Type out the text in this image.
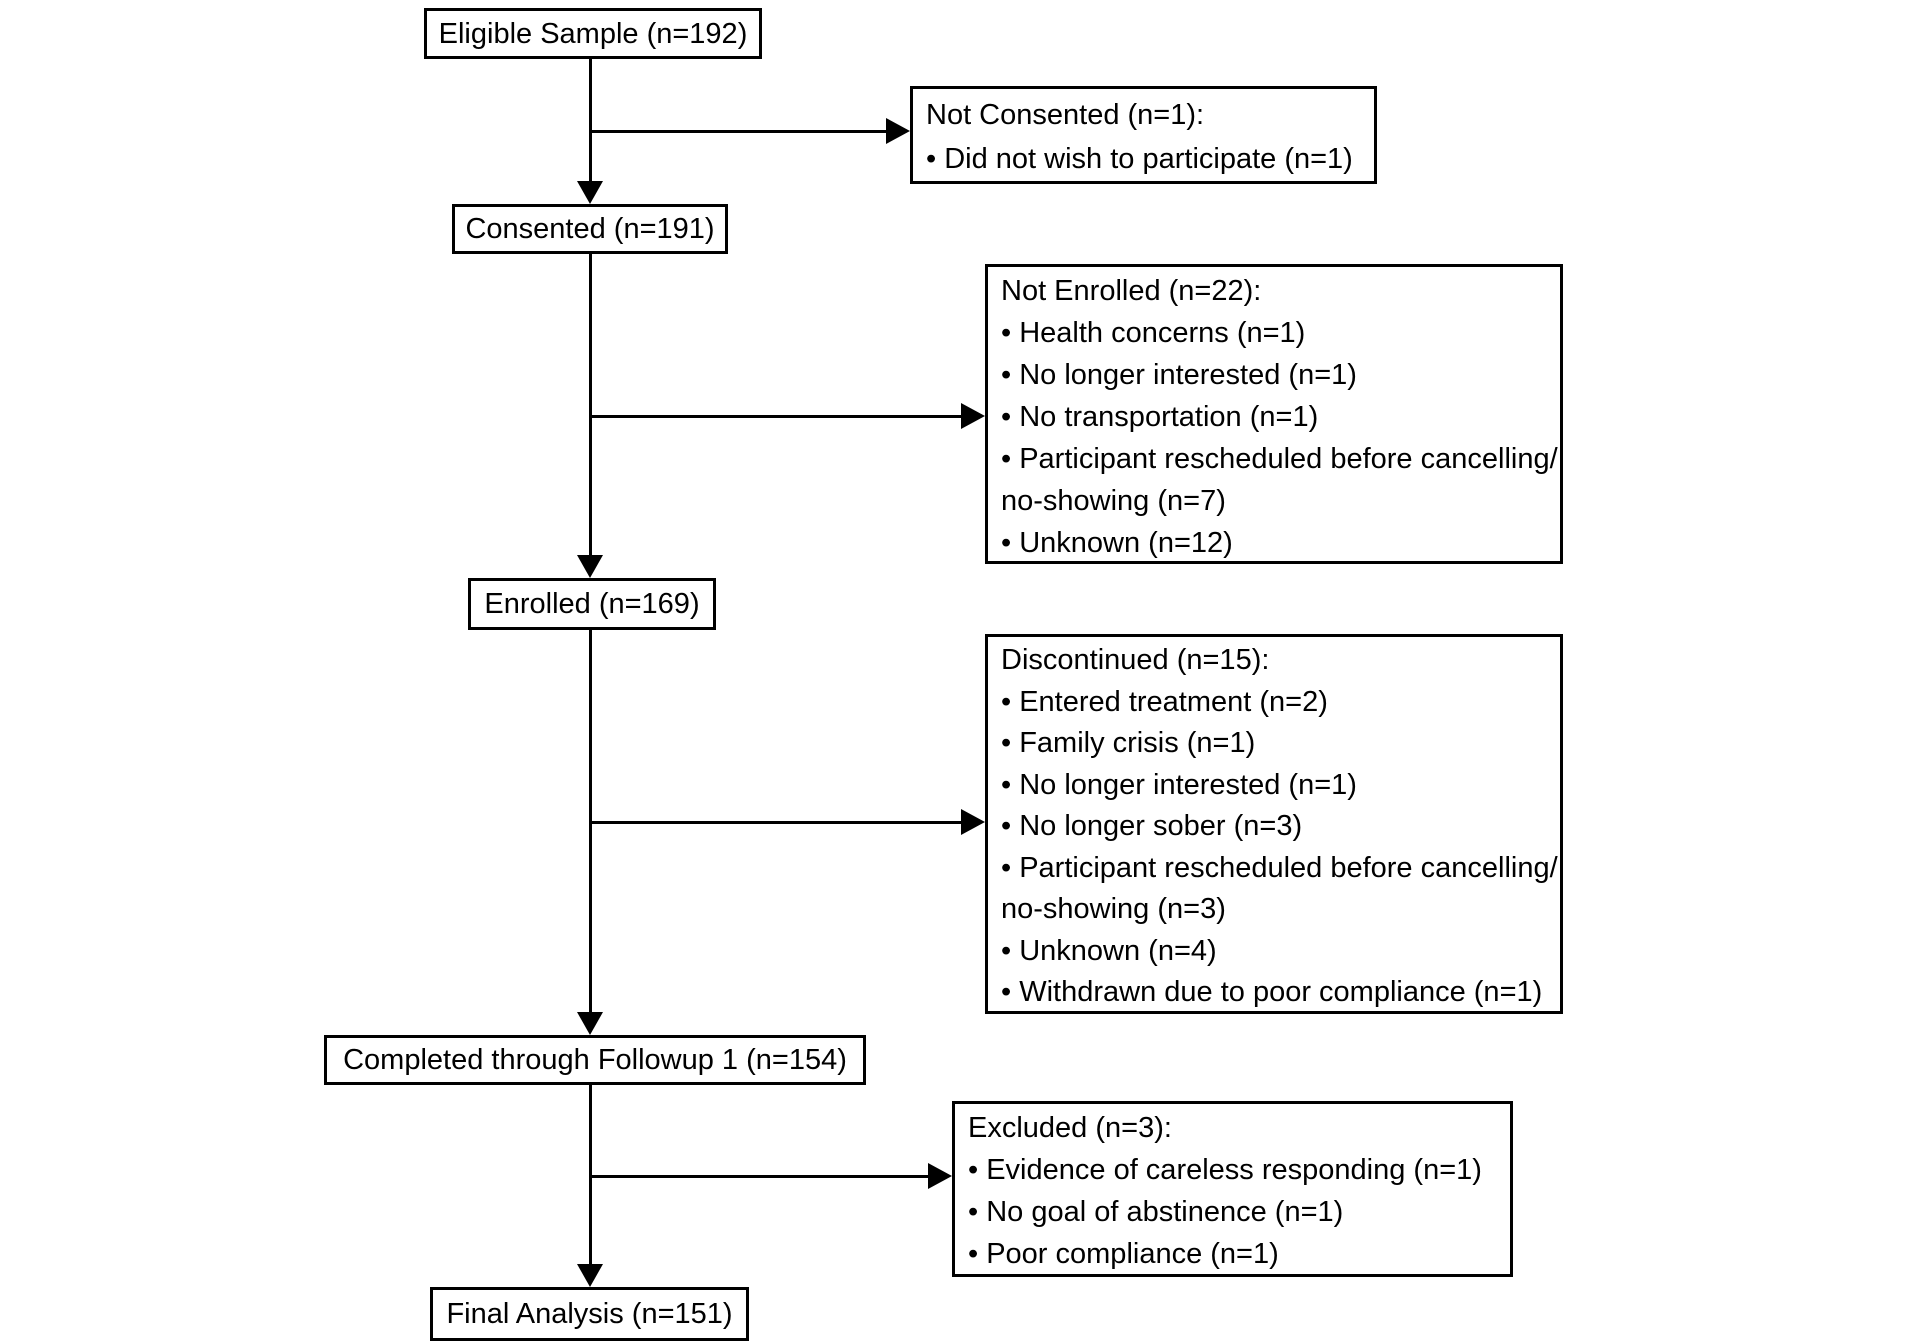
Eligible Sample (n=192)
Consented (n=191)
Enrolled (n=169)
Completed through Followup 1 (n=154)
Final Analysis (n=151)
Not Consented (n=1):
• Did not wish to participate (n=1)
Not Enrolled (n=22):
• Health concerns (n=1)
• No longer interested (n=1)
• No transportation (n=1)
• Participant rescheduled before cancelling/
no-showing (n=7)
• Unknown (n=12)
Discontinued (n=15):
• Entered treatment (n=2)
• Family crisis (n=1)
• No longer interested (n=1)
• No longer sober (n=3)
• Participant rescheduled before cancelling/
no-showing (n=3)
• Unknown (n=4)
• Withdrawn due to poor compliance (n=1)
Excluded (n=3):
• Evidence of careless responding (n=1)
• No goal of abstinence (n=1)
• Poor compliance (n=1)
